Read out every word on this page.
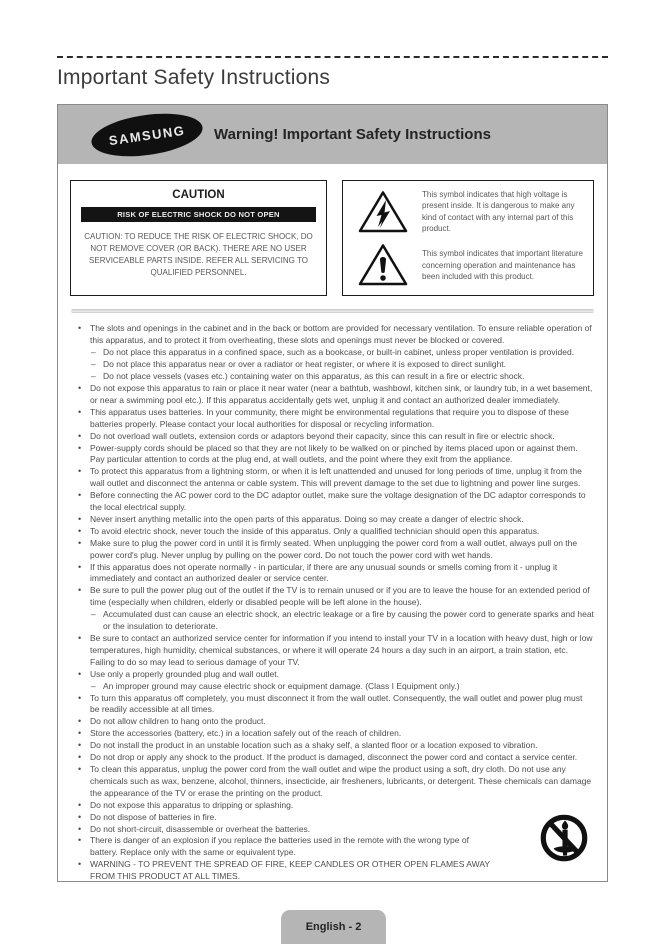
Important Safety Instructions
SAMSUNG Warning! Important Safety Instructions
CAUTION
RISK OF ELECTRIC SHOCK DO NOT OPEN
CAUTION: TO REDUCE THE RISK OF ELECTRIC SHOCK, DO NOT REMOVE COVER (OR BACK). THERE ARE NO USER SERVICEABLE PARTS INSIDE. REFER ALL SERVICING TO QUALIFIED PERSONNEL.
This symbol indicates that high voltage is present inside. It is dangerous to make any kind of contact with any internal part of this product.
This symbol indicates that important literature concerning operation and maintenance has been included with this product.
• The slots and openings in the cabinet and in the back or bottom are provided for necessary ventilation. To ensure reliable operation of this apparatus, and to protect it from overheating, these slots and openings must never be blocked or covered.
– Do not place this apparatus in a confined space, such as a bookcase, or built-in cabinet, unless proper ventilation is provided.
– Do not place this apparatus near or over a radiator or heat register, or where it is exposed to direct sunlight.
– Do not place vessels (vases etc.) containing water on this apparatus, as this can result in a fire or electric shock.
• Do not expose this apparatus to rain or place it near water (near a bathtub, washbowl, kitchen sink, or laundry tub, in a wet basement, or near a swimming pool etc.). If this apparatus accidentally gets wet, unplug it and contact an authorized dealer immediately.
• This apparatus uses batteries. In your community, there might be environmental regulations that require you to dispose of these batteries properly. Please contact your local authorities for disposal or recycling information.
• Do not overload wall outlets, extension cords or adaptors beyond their capacity, since this can result in fire or electric shock.
• Power-supply cords should be placed so that they are not likely to be walked on or pinched by items placed upon or against them. Pay particular attention to cords at the plug end, at wall outlets, and the point where they exit from the appliance.
• To protect this apparatus from a lightning storm, or when it is left unattended and unused for long periods of time, unplug it from the wall outlet and disconnect the antenna or cable system. This will prevent damage to the set due to lightning and power line surges.
• Before connecting the AC power cord to the DC adaptor outlet, make sure the voltage designation of the DC adaptor corresponds to the local electrical supply.
• Never insert anything metallic into the open parts of this apparatus. Doing so may create a danger of electric shock.
• To avoid electric shock, never touch the inside of this apparatus. Only a qualified technician should open this apparatus.
• Make sure to plug the power cord in until it is firmly seated. When unplugging the power cord from a wall outlet, always pull on the power cord's plug. Never unplug by pulling on the power cord. Do not touch the power cord with wet hands.
• If this apparatus does not operate normally - in particular, if there are any unusual sounds or smells coming from it - unplug it immediately and contact an authorized dealer or service center.
• Be sure to pull the power plug out of the outlet if the TV is to remain unused or if you are to leave the house for an extended period of time (especially when children, elderly or disabled people will be left alone in the house).
– Accumulated dust can cause an electric shock, an electric leakage or a fire by causing the power cord to generate sparks and heat or the insulation to deteriorate.
• Be sure to contact an authorized service center for information if you intend to install your TV in a location with heavy dust, high or low temperatures, high humidity, chemical substances, or where it will operate 24 hours a day such in an airport, a train station, etc. Failing to do so may lead to serious damage of your TV.
• Use only a properly grounded plug and wall outlet.
– An improper ground may cause electric shock or equipment damage. (Class I Equipment only.)
• To turn this apparatus off completely, you must disconnect it from the wall outlet. Consequently, the wall outlet and power plug must be readily accessible at all times.
• Do not allow children to hang onto the product.
• Store the accessories (battery, etc.) in a location safely out of the reach of children.
• Do not install the product in an unstable location such as a shaky self, a slanted floor or a location exposed to vibration.
• Do not drop or apply any shock to the product. If the product is damaged, disconnect the power cord and contact a service center.
• To clean this apparatus, unplug the power cord from the wall outlet and wipe the product using a soft, dry cloth. Do not use any chemicals such as wax, benzene, alcohol, thinners, insecticide, air fresheners, lubricants, or detergent. These chemicals can damage the appearance of the TV or erase the printing on the product.
• Do not expose this apparatus to dripping or splashing.
• Do not dispose of batteries in fire.
• Do not short-circuit, disassemble or overheat the batteries.
• There is danger of an explosion if you replace the batteries used in the remote with the wrong type of battery. Replace only with the same or equivalent type.
• WARNING - TO PREVENT THE SPREAD OF FIRE, KEEP CANDLES OR OTHER OPEN FLAMES AWAY FROM THIS PRODUCT AT ALL TIMES.
English - 2
